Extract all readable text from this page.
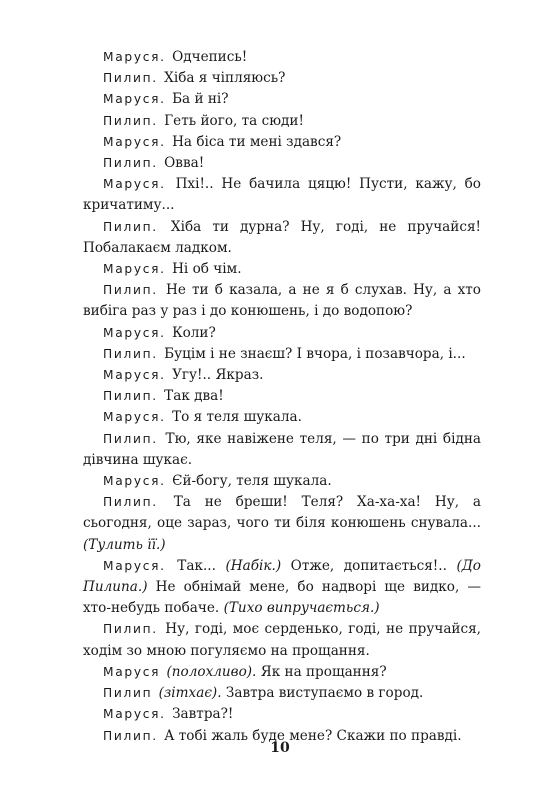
Маруся. Одчепись!

Пилип. Хіба я чіпляюсь?

Маруся. Ба й ні?

Пилип. Геть його, та сюди!

Маруся. На біса ти мені здався?

Пилип. Овва!

Маруся. Пхі!.. Не бачила цяцю! Пусти, кажу, бо кричатиму...

Пилип. Хіба ти дурна? Ну, годі, не пручайся! Побалакаєм ладком.

Маруся. Ні об чім.

Пилип. Не ти б казала, а не я б слухав. Ну, а хто вибіга раз у раз і до конюшень, і до водопою?

Маруся. Коли?

Пилип. Буцім і не знаєш? І вчора, і позавчора, і...

Маруся. Угу!.. Якраз.

Пилип. Так два!

Маруся. То я теля шукала.

Пилип. Тю, яке навіжене теля, — по три дні бідна дівчина шукає.

Маруся. Єй-богу, теля шукала.

Пилип. Та не бреши! Теля? Ха-ха-ха! Ну, а сьогодня, оце зараз, чого ти біля конюшень снувала... (Тулить її.)

Маруся. Так... (Набік.) Отже, допитається!.. (До Пилипа.) Не обнімай мене, бо надворі ще видко, — хто-небудь побаче. (Тихо випручається.)

Пилип. Ну, годі, моє серденько, годі, не пручайся, ходім зо мною погуляємо на прощання.

Маруся (полохливо). Як на прощання?

Пилип (зітхає). Завтра виступаємо в город.

Маруся. Завтра?!

Пилип. А тобі жаль буде мене? Скажи по правді.

10
